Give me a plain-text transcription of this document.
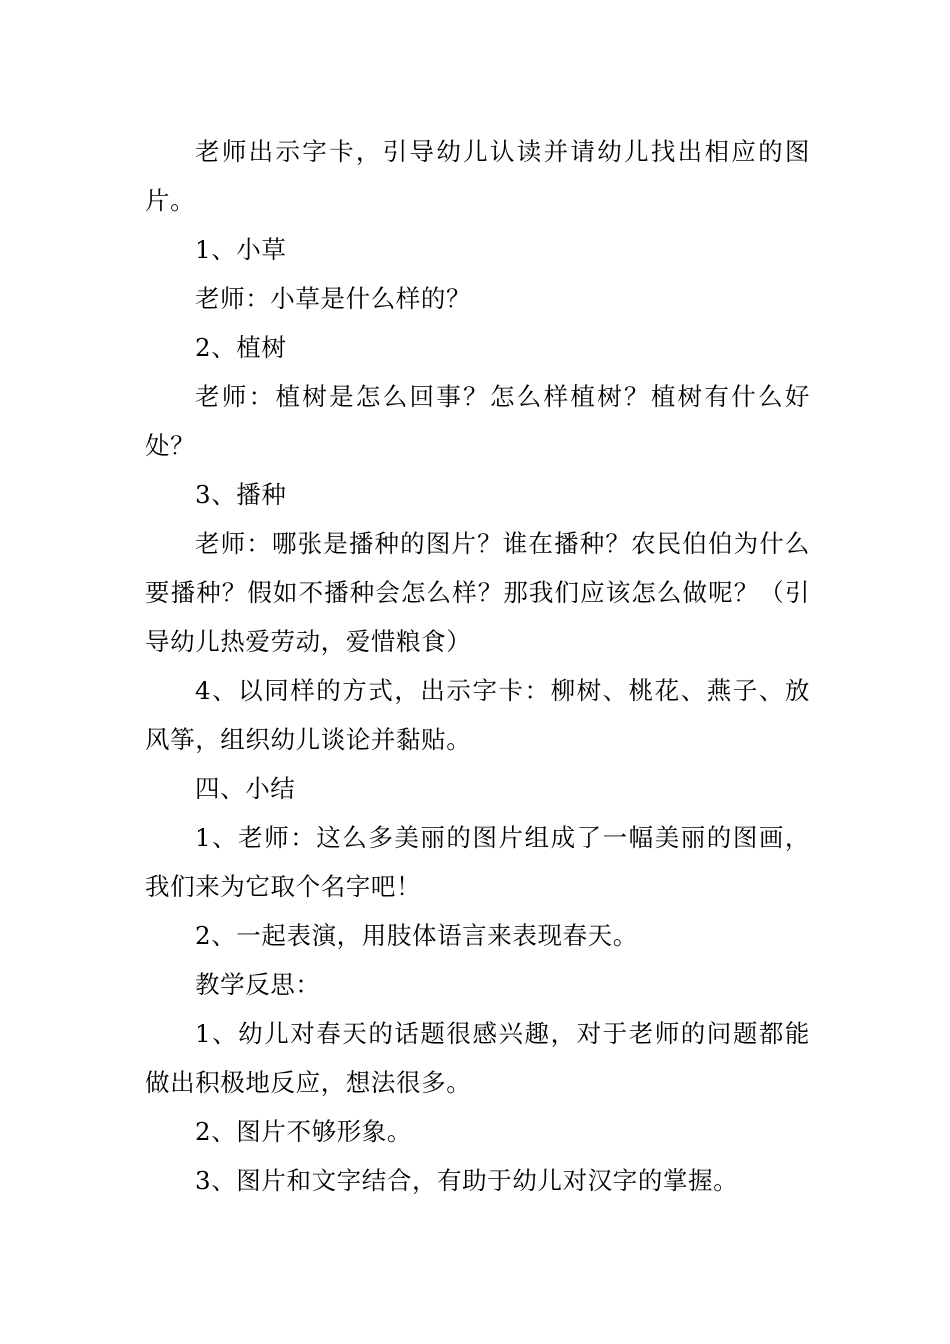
老师出示字卡，引导幼儿认读并请幼儿找出相应的图片。

1、小草

老师：小草是什么样的？

2、植树

老师：植树是怎么回事？怎么样植树？植树有什么好处？

3、播种

老师：哪张是播种的图片？谁在播种？农民伯伯为什么要播种？假如不播种会怎么样？那我们应该怎么做呢？（引导幼儿热爱劳动，爱惜粮食）

4、以同样的方式，出示字卡：柳树、桃花、燕子、放风筝，组织幼儿谈论并黏贴。

四、小结

1、老师：这么多美丽的图片组成了一幅美丽的图画，我们来为它取个名字吧！

2、一起表演，用肢体语言来表现春天。

教学反思：

1、幼儿对春天的话题很感兴趣，对于老师的问题都能做出积极地反应，想法很多。

2、图片不够形象。

3、图片和文字结合，有助于幼儿对汉字的掌握。
